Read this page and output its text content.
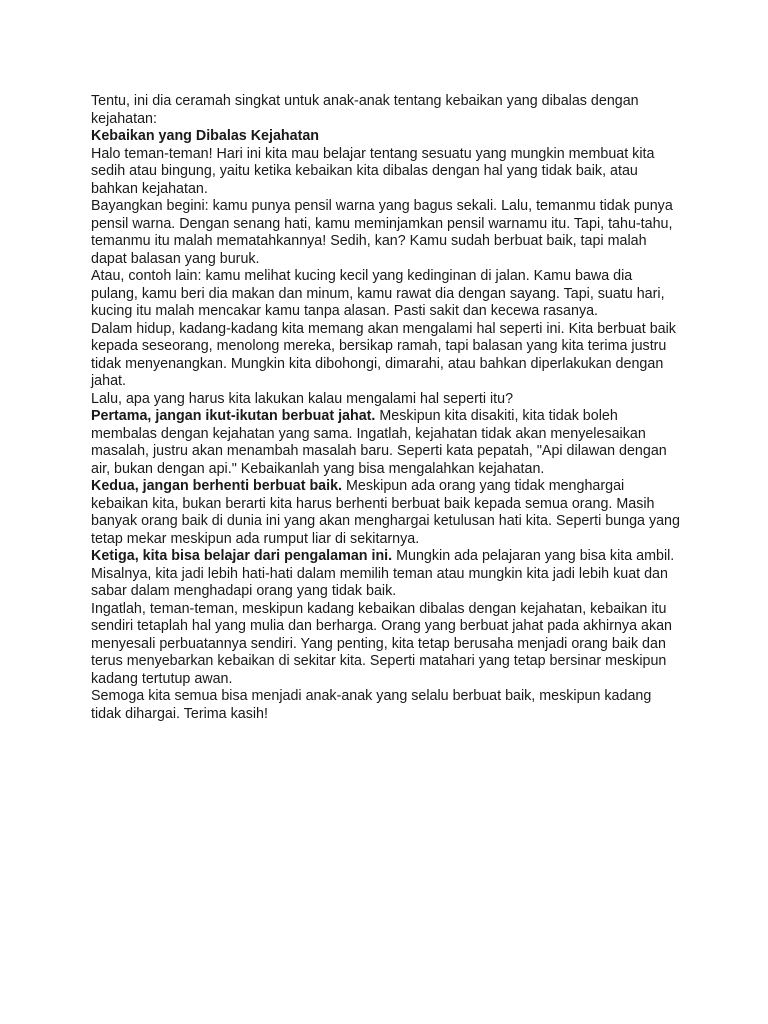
Tentu, ini dia ceramah singkat untuk anak-anak tentang kebaikan yang dibalas dengan kejahatan:

Kebaikan yang Dibalas Kejahatan

Halo teman-teman! Hari ini kita mau belajar tentang sesuatu yang mungkin membuat kita sedih atau bingung, yaitu ketika kebaikan kita dibalas dengan hal yang tidak baik, atau bahkan kejahatan.

Bayangkan begini: kamu punya pensil warna yang bagus sekali. Lalu, temanmu tidak punya pensil warna. Dengan senang hati, kamu meminjamkan pensil warnamu itu. Tapi, tahu-tahu, temanmu itu malah mematahkannya! Sedih, kan? Kamu sudah berbuat baik, tapi malah dapat balasan yang buruk.

Atau, contoh lain: kamu melihat kucing kecil yang kedinginan di jalan. Kamu bawa dia pulang, kamu beri dia makan dan minum, kamu rawat dia dengan sayang. Tapi, suatu hari, kucing itu malah mencakar kamu tanpa alasan. Pasti sakit dan kecewa rasanya.

Dalam hidup, kadang-kadang kita memang akan mengalami hal seperti ini. Kita berbuat baik kepada seseorang, menolong mereka, bersikap ramah, tapi balasan yang kita terima justru tidak menyenangkan. Mungkin kita dibohongi, dimarahi, atau bahkan diperlakukan dengan jahat.

Lalu, apa yang harus kita lakukan kalau mengalami hal seperti itu?

Pertama, jangan ikut-ikutan berbuat jahat. Meskipun kita disakiti, kita tidak boleh membalas dengan kejahatan yang sama. Ingatlah, kejahatan tidak akan menyelesaikan masalah, justru akan menambah masalah baru. Seperti kata pepatah, "Api dilawan dengan air, bukan dengan api." Kebaikanlah yang bisa mengalahkan kejahatan.

Kedua, jangan berhenti berbuat baik. Meskipun ada orang yang tidak menghargai kebaikan kita, bukan berarti kita harus berhenti berbuat baik kepada semua orang. Masih banyak orang baik di dunia ini yang akan menghargai ketulusan hati kita. Seperti bunga yang tetap mekar meskipun ada rumput liar di sekitarnya.

Ketiga, kita bisa belajar dari pengalaman ini. Mungkin ada pelajaran yang bisa kita ambil. Misalnya, kita jadi lebih hati-hati dalam memilih teman atau mungkin kita jadi lebih kuat dan sabar dalam menghadapi orang yang tidak baik.

Ingatlah, teman-teman, meskipun kadang kebaikan dibalas dengan kejahatan, kebaikan itu sendiri tetaplah hal yang mulia dan berharga. Orang yang berbuat jahat pada akhirnya akan menyesali perbuatannya sendiri. Yang penting, kita tetap berusaha menjadi orang baik dan terus menyebarkan kebaikan di sekitar kita. Seperti matahari yang tetap bersinar meskipun kadang tertutup awan.

Semoga kita semua bisa menjadi anak-anak yang selalu berbuat baik, meskipun kadang tidak dihargai. Terima kasih!
